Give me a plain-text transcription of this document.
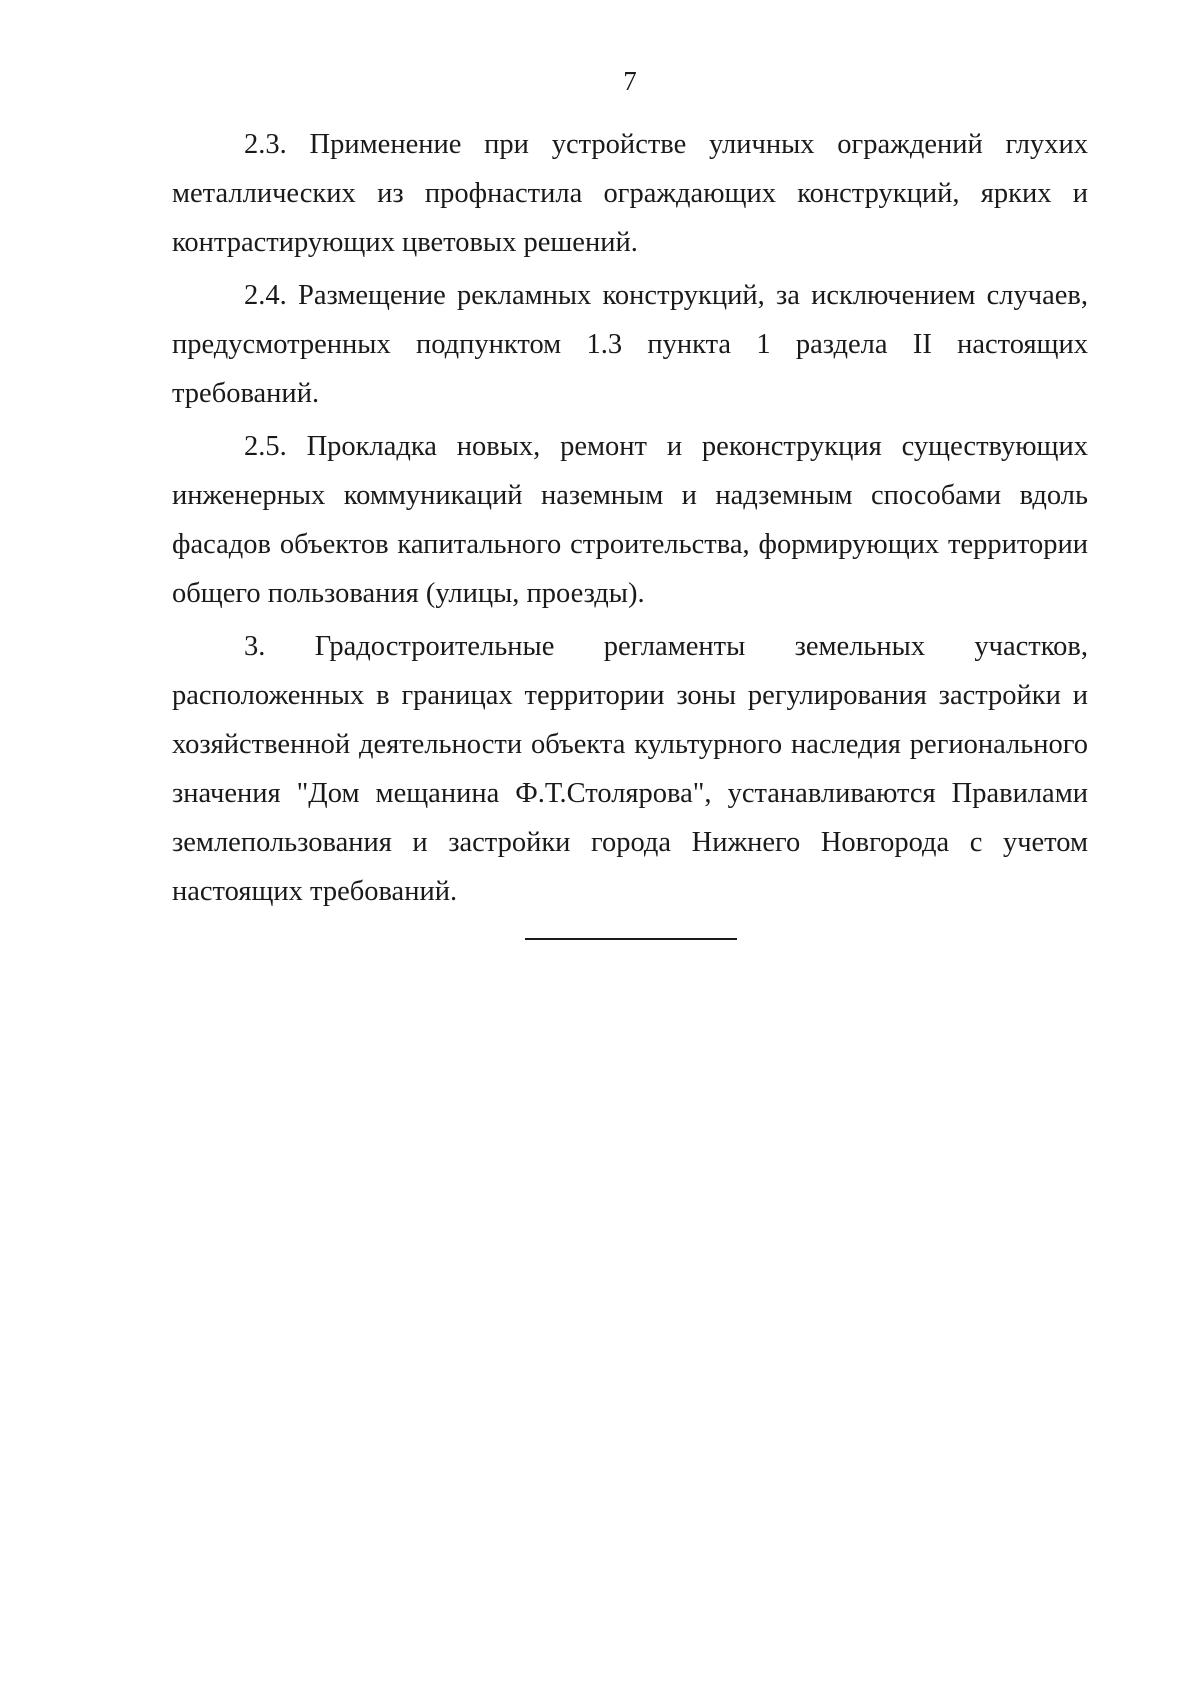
7

2.3. Применение при устройстве уличных ограждений глухих металлических из профнастила ограждающих конструкций, ярких и контрастирующих цветовых решений.

2.4. Размещение рекламных конструкций, за исключением случаев, предусмотренных подпунктом 1.3 пункта 1 раздела II настоящих требований.

2.5. Прокладка новых, ремонт и реконструкция существующих инженерных коммуникаций наземным и надземным способами вдоль фасадов объектов капитального строительства, формирующих территории общего пользования (улицы, проезды).

3. Градостроительные регламенты земельных участков, расположенных в границах территории зоны регулирования застройки и хозяйственной деятельности объекта культурного наследия регионального значения "Дом мещанина Ф.Т.Столярова", устанавливаются Правилами землепользования и застройки города Нижнего Новгорода с учетом настоящих требований.
